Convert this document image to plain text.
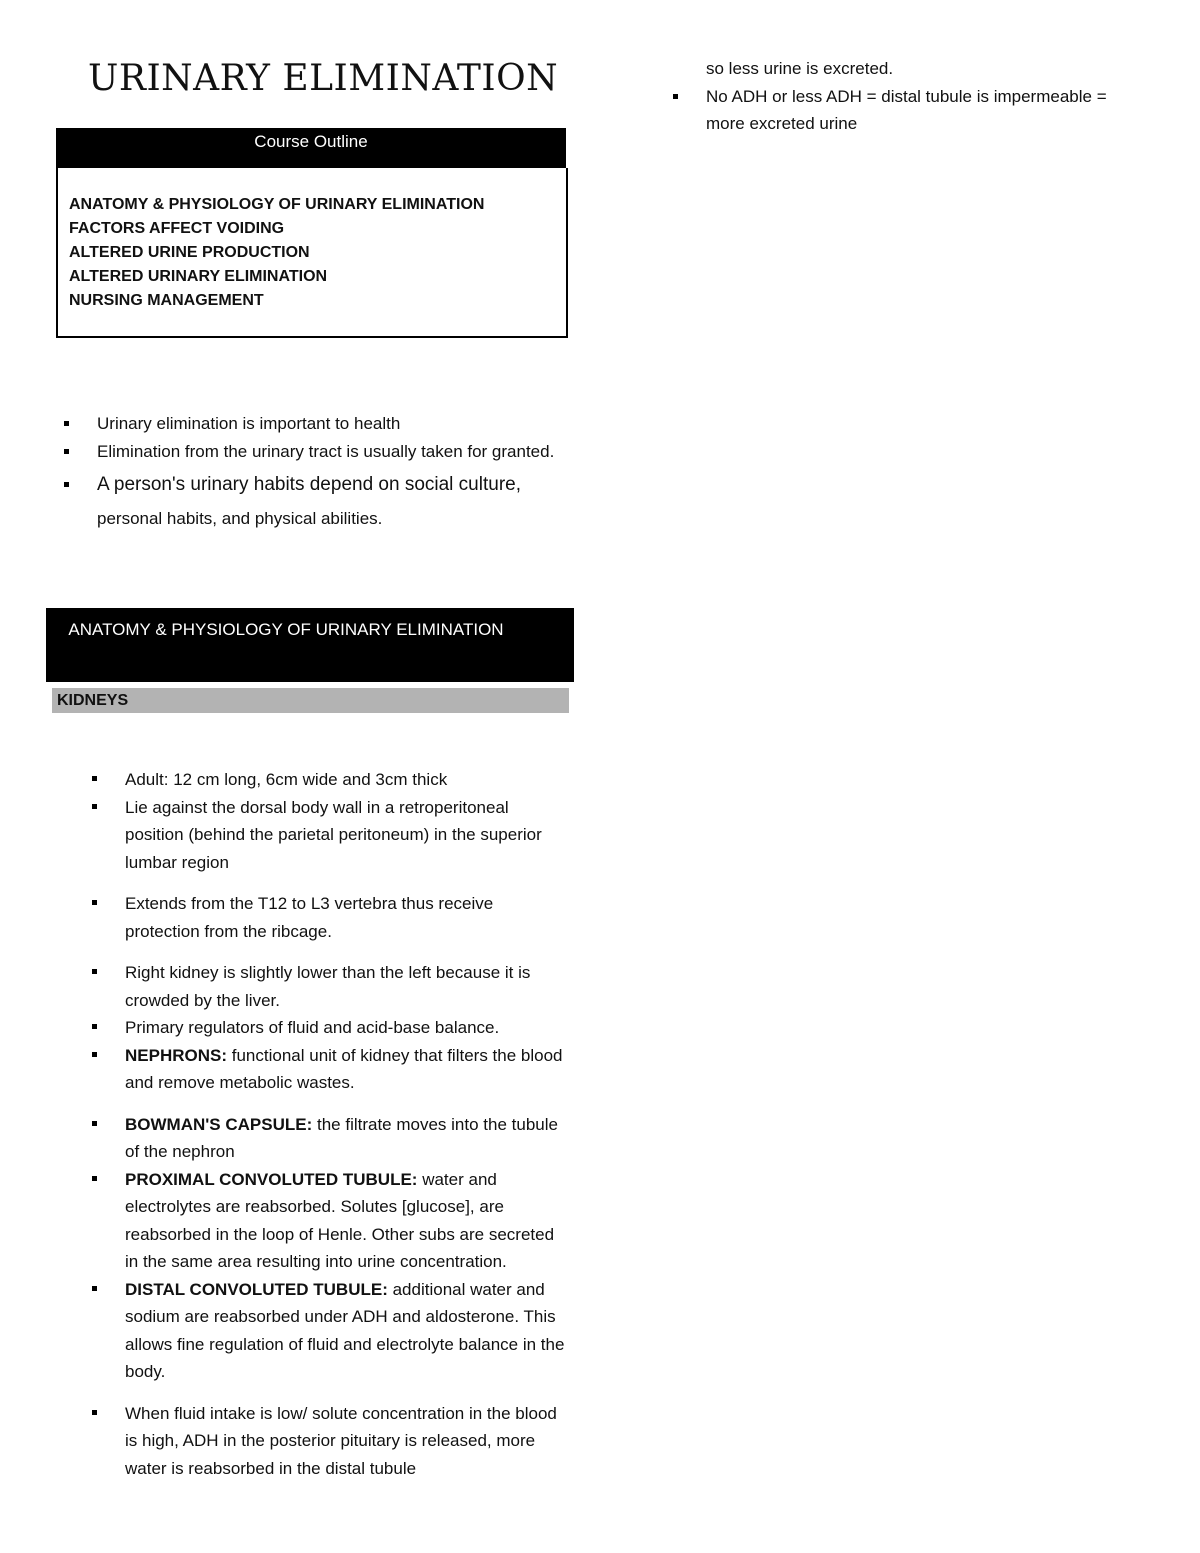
URINARY ELIMINATION
Course Outline
ANATOMY & PHYSIOLOGY OF URINARY ELIMINATION
FACTORS AFFECT VOIDING
ALTERED URINE PRODUCTION
ALTERED URINARY ELIMINATION
NURSING MANAGEMENT
Urinary elimination is important to health
Elimination from the urinary tract is usually taken for granted.
A person's urinary habits depend on social culture,
personal habits, and physical abilities.
ANATOMY & PHYSIOLOGY OF URINARY ELIMINATION
KIDNEYS
Adult: 12 cm long, 6cm wide and 3cm thick
Lie against the dorsal body wall in a retroperitoneal position (behind the parietal peritoneum) in the superior lumbar region
Extends from the T12 to L3 vertebra thus receive protection from the ribcage.
Right kidney is slightly lower than the left because it is crowded by the liver.
Primary regulators of fluid and acid-base balance.
NEPHRONS: functional unit of kidney that filters the blood and remove metabolic wastes.
BOWMAN'S CAPSULE: the filtrate moves into the tubule of the nephron
PROXIMAL CONVOLUTED TUBULE: water and electrolytes are reabsorbed. Solutes [glucose], are reabsorbed in the loop of Henle. Other subs are secreted in the same area resulting into urine concentration.
DISTAL CONVOLUTED TUBULE: additional water and sodium are reabsorbed under ADH and aldosterone. This allows fine regulation of fluid and electrolyte balance in the body.
When fluid intake is low/ solute concentration in the blood is high, ADH in the posterior pituitary is released, more water is reabsorbed in the distal tubule
so less urine is excreted.
No ADH or less ADH = distal tubule is impermeable = more excreted urine
